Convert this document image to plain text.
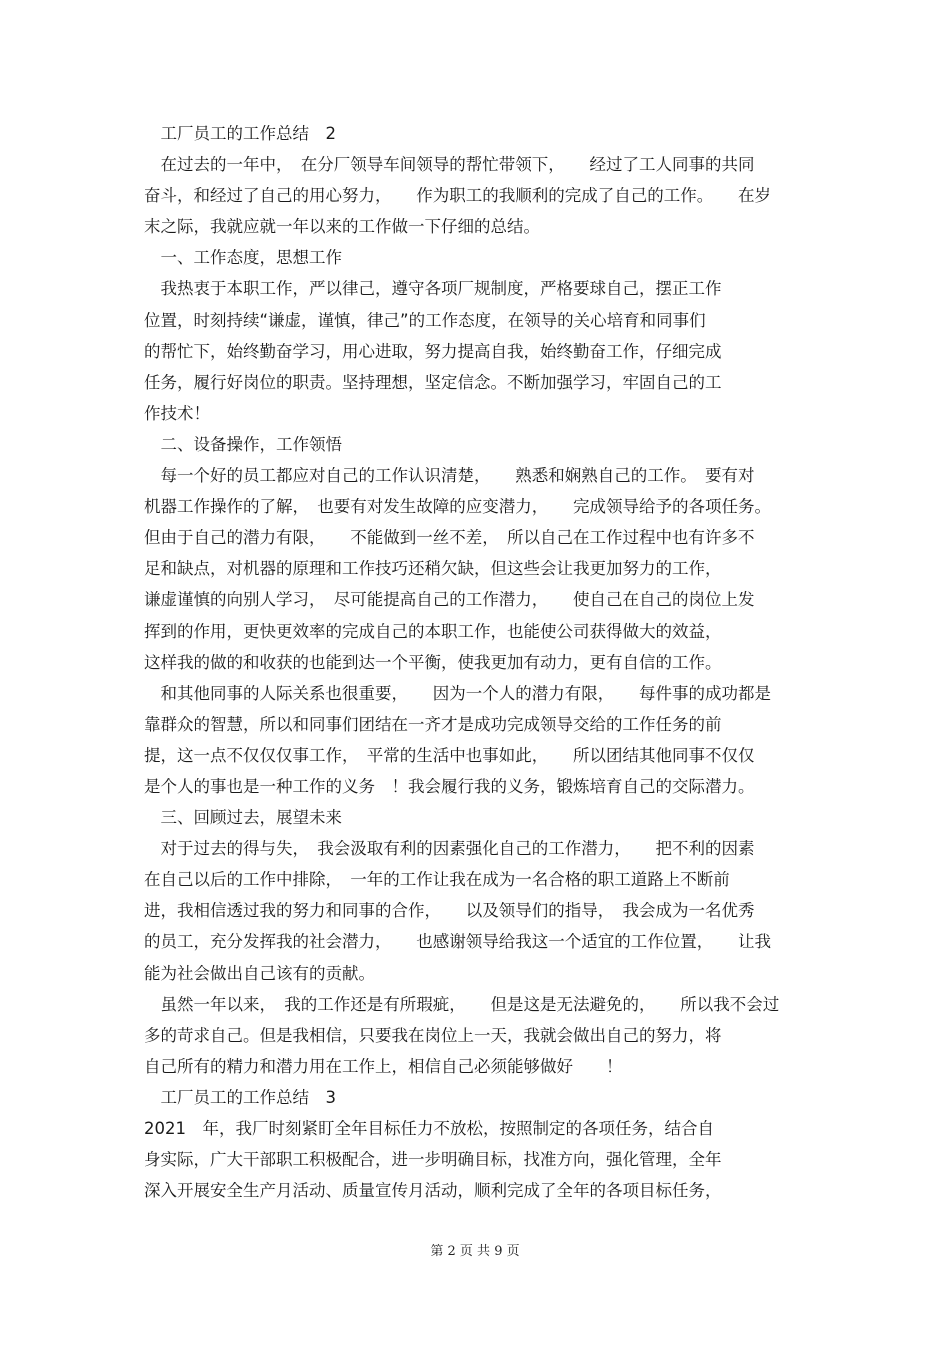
　工厂员工的工作总结　2
　在过去的一年中，　在分厂领导车间领导的帮忙带领下，　　经过了工人同事的共同
奋斗，和经过了自己的用心努力，　　作为职工的我顺利的完成了自己的工作。　　在岁
末之际，我就应就一年以来的工作做一下仔细的总结。
　一、工作态度，思想工作
　我热衷于本职工作，严以律己，遵守各项厂规制度，严格要球自己，摆正工作
位置，时刻持续“谦虚，谨慎，律己”的工作态度，在领导的关心培育和同事们
的帮忙下，始终勤奋学习，用心进取，努力提高自我，始终勤奋工作，仔细完成
任务，履行好岗位的职责。坚持理想，坚定信念。不断加强学习，牢固自己的工
作技术！
　二、设备操作，工作领悟
　每一个好的员工都应对自己的工作认识清楚，　　熟悉和娴熟自己的工作。　要有对
机器工作操作的了解，　也要有对发生故障的应变潜力，　　完成领导给予的各项任务。
但由于自己的潜力有限，　　不能做到一丝不差，　所以自己在工作过程中也有许多不
足和缺点，对机器的原理和工作技巧还稍欠缺，但这些会让我更加努力的工作，
谦虚谨慎的向别人学习，　尽可能提高自己的工作潜力，　　使自己在自己的岗位上发
挥到的作用，更快更效率的完成自己的本职工作，也能使公司获得做大的效益，
这样我的做的和收获的也能到达一个平衡，使我更加有动力，更有自信的工作。
　和其他同事的人际关系也很重要，　　因为一个人的潜力有限，　　每件事的成功都是
靠群众的智慧，所以和同事们团结在一齐才是成功完成领导交给的工作任务的前
提，这一点不仅仅仅事工作，　平常的生活中也事如此，　　所以团结其他同事不仅仅
是个人的事也是一种工作的义务　！我会履行我的义务，锻炼培育自己的交际潜力。
　三、回顾过去，展望未来
　对于过去的得与失，　我会汲取有利的因素强化自己的工作潜力，　　把不利的因素
在自己以后的工作中排除，　一年的工作让我在成为一名合格的职工道路上不断前
进，我相信透过我的努力和同事的合作，　　以及领导们的指导，　我会成为一名优秀
的员工，充分发挥我的社会潜力，　　也感谢领导给我这一个适宜的工作位置，　　让我
能为社会做出自己该有的贡献。
　虽然一年以来，　我的工作还是有所瑕疵，　　但是这是无法避免的，　　所以我不会过
多的苛求自己。但是我相信，只要我在岗位上一天，我就会做出自己的努力，将
自己所有的精力和潜力用在工作上，相信自己必须能够做好　　！
　工厂员工的工作总结　3
2021　年，我厂时刻紧盯全年目标任力不放松，按照制定的各项任务，结合自
身实际，广大干部职工积极配合，进一步明确目标，找准方向，强化管理，全年
深入开展安全生产月活动、质量宣传月活动，顺利完成了全年的各项目标任务，
第 2 页 共 9 页
